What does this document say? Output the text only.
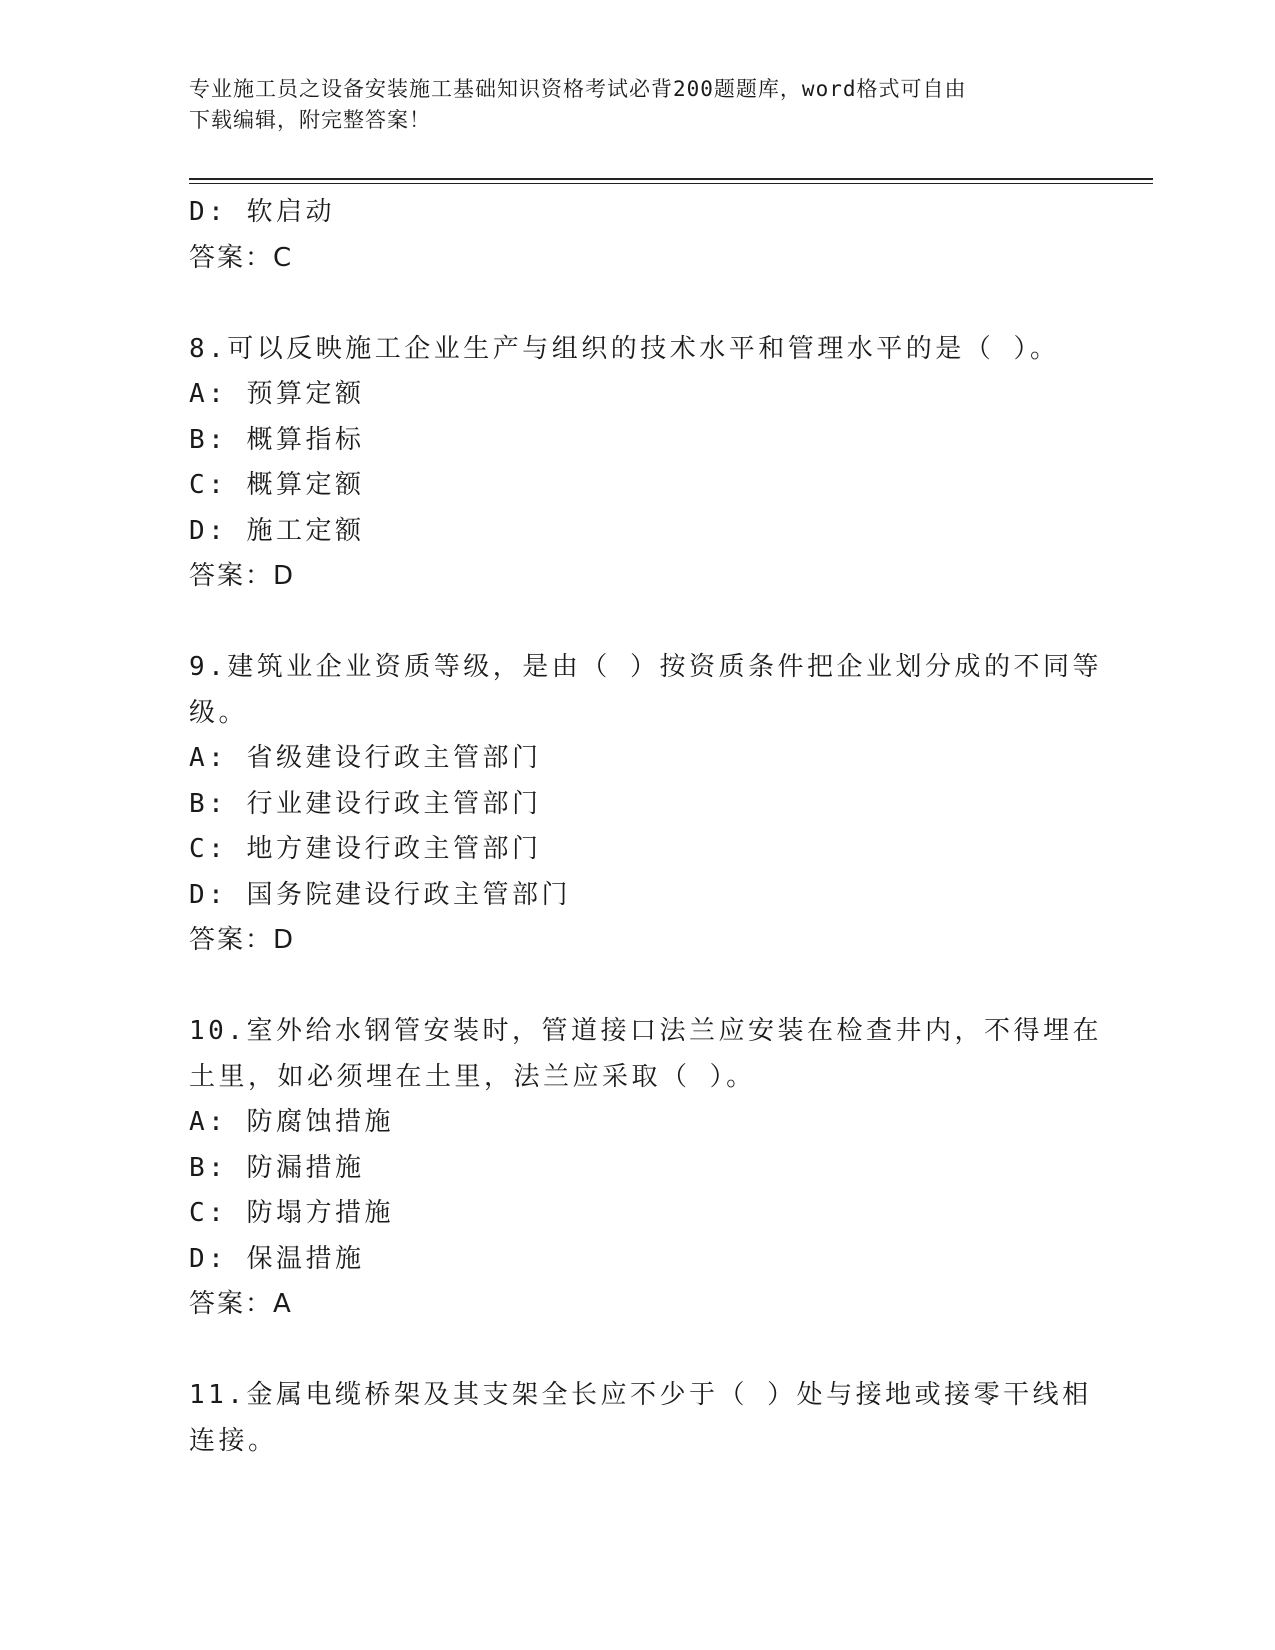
专业施工员之设备安装施工基础知识资格考试必背200题题库，word格式可自由
下载编辑，附完整答案！
D: 软启动
答案：C
8.可以反映施工企业生产与组织的技术水平和管理水平的是（ ）。
A: 预算定额
B: 概算指标
C: 概算定额
D: 施工定额
答案：D
9.建筑业企业资质等级，是由（ ）按资质条件把企业划分成的不同等
级。
A: 省级建设行政主管部门
B: 行业建设行政主管部门
C: 地方建设行政主管部门
D: 国务院建设行政主管部门
答案：D
10.室外给水钢管安装时，管道接口法兰应安装在检查井内，不得埋在
土里，如必须埋在土里，法兰应采取（ ）。
A: 防腐蚀措施
B: 防漏措施
C: 防塌方措施
D: 保温措施
答案：A
11.金属电缆桥架及其支架全长应不少于（ ）处与接地或接零干线相
连接。
